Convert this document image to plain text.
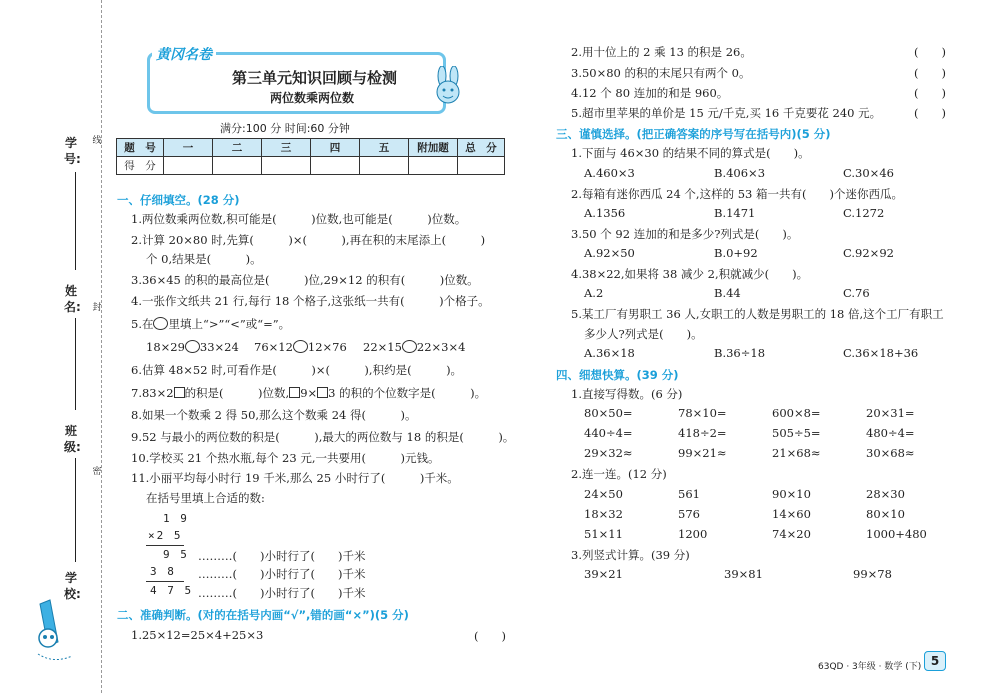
线
封
密
学号:
姓名:
班级:
学校:
黄冈名卷
第三单元知识回顾与检测
两位数乘两位数
满分:100 分 时间:60 分钟
题　号	一	二	三	四	五	附加题	总　分
得　分							
一、仔细填空。(28 分)
1.两位数乘两位数,积可能是(　　　)位数,也可能是(　　　)位数。
2.计算 20×80 时,先算(　　　)×(　　　),再在积的末尾添上(　　　)
个 0,结果是(　　　)。
3.36×45 的积的最高位是(　　　)位,29×12 的积有(　　　)位数。
4.一张作文纸共 21 行,每行 18 个格子,这张纸一共有(　　　)个格子。
5.在 里填上“>”“<”或“=”。
18×29 33×24 76×12 12×76 22×15 22×3×4
6.估算 48×52 时,可看作是(　　　)×(　　　),积约是(　　　)。
7.83×2 的积是(　　　)位数, 9× 3 的积的个位数字是(　　　)。
8.如果一个数乘 2 得 50,那么这个数乘 24 得(　　　)。
9.52 与最小的两位数的积是(　　　),最大的两位数与 18 的积是(　　　)。
10.学校买 21 个热水瓶,每个 23 元,一共要用(　　　)元钱。
11.小丽平均每小时行 19 千米,那么 25 小时行了(　　　)千米。
在括号里填上合适的数:
1 9
×2 5
9 5
3 8
4 7 5
………(　　)小时行了(　　)千米
………(　　)小时行了(　　)千米
………(　　)小时行了(　　)千米
二、准确判断。(对的在括号内画“√”,错的画“×”)(5 分)
1.25×12=25×4+25×3	(　　)
2.用十位上的 2 乘 13 的积是 26。	(　　)
3.50×80 的积的末尾只有两个 0。	(　　)
4.12 个 80 连加的和是 960。	(　　)
5.超市里苹果的单价是 15 元/千克,买 16 千克要花 240 元。	(　　)
三、谨慎选择。(把正确答案的序号写在括号内)(5 分)
1.下面与 46×30 的结果不同的算式是(　　)。
A.460×3	B.406×3	C.30×46
2.每箱有迷你西瓜 24 个,这样的 53 箱一共有(　　)个迷你西瓜。
A.1356	B.1471	C.1272
3.50 个 92 连加的和是多少?列式是(　　)。
A.92×50	B.0+92	C.92×92
4.38×22,如果将 38 减少 2,积就减少(　　)。
A.2	B.44	C.76
5.某工厂有男职工 36 人,女职工的人数是男职工的 18 倍,这个工厂有职工
多少人?列式是(　　)。
A.36×18	B.36÷18	C.36×18+36
四、细想快算。(39 分)
1.直接写得数。(6 分)
80×50=	78×10=	600×8=	20×31=
440÷4=	418÷2=	505÷5=	480÷4=
29×32≈	99×21≈	21×68≈	30×68≈
2.连一连。(12 分)
24×50	561	90×10	28×30
18×32	576	14×60	80×10
51×11	1200	74×20	1000+480
3.列竖式计算。(39 分)
39×21	39×81	99×78
63QD · 3年级 · 数学 (下) 5
